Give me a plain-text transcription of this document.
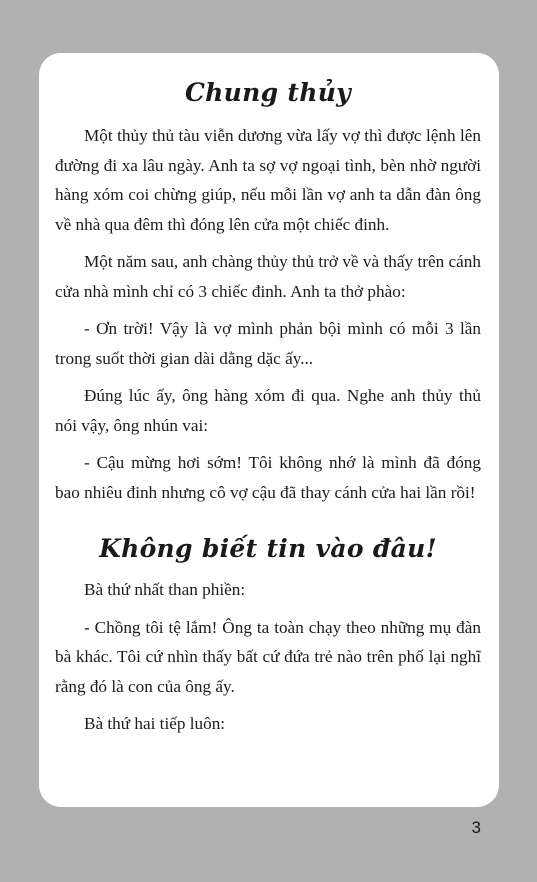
Chung thủy

Một thủy thủ tàu viễn dương vừa lấy vợ thì được lệnh lên đường đi xa lâu ngày. Anh ta sợ vợ ngoại tình, bèn nhờ người hàng xóm coi chừng giúp, nếu mỗi lần vợ anh ta dẫn đàn ông về nhà qua đêm thì đóng lên cửa một chiếc đinh.

Một năm sau, anh chàng thủy thủ trở về và thấy trên cánh cửa nhà mình chỉ có 3 chiếc đinh. Anh ta thở phào:

- Ơn trời! Vậy là vợ mình phản bội mình có mỗi 3 lần trong suốt thời gian dài dằng dặc ấy...

Đúng lúc ấy, ông hàng xóm đi qua. Nghe anh thủy thủ nói vậy, ông nhún vai:

- Cậu mừng hơi sớm! Tôi không nhớ là mình đã đóng bao nhiêu đinh nhưng cô vợ cậu đã thay cánh cửa hai lần rồi!

Không biết tin vào đâu!

Bà thứ nhất than phiền:

- Chồng tôi tệ lắm! Ông ta toàn chạy theo những mụ đàn bà khác. Tôi cứ nhìn thấy bất cứ đứa trẻ nào trên phố lại nghĩ rằng đó là con của ông ấy.

Bà thứ hai tiếp luôn:

3
